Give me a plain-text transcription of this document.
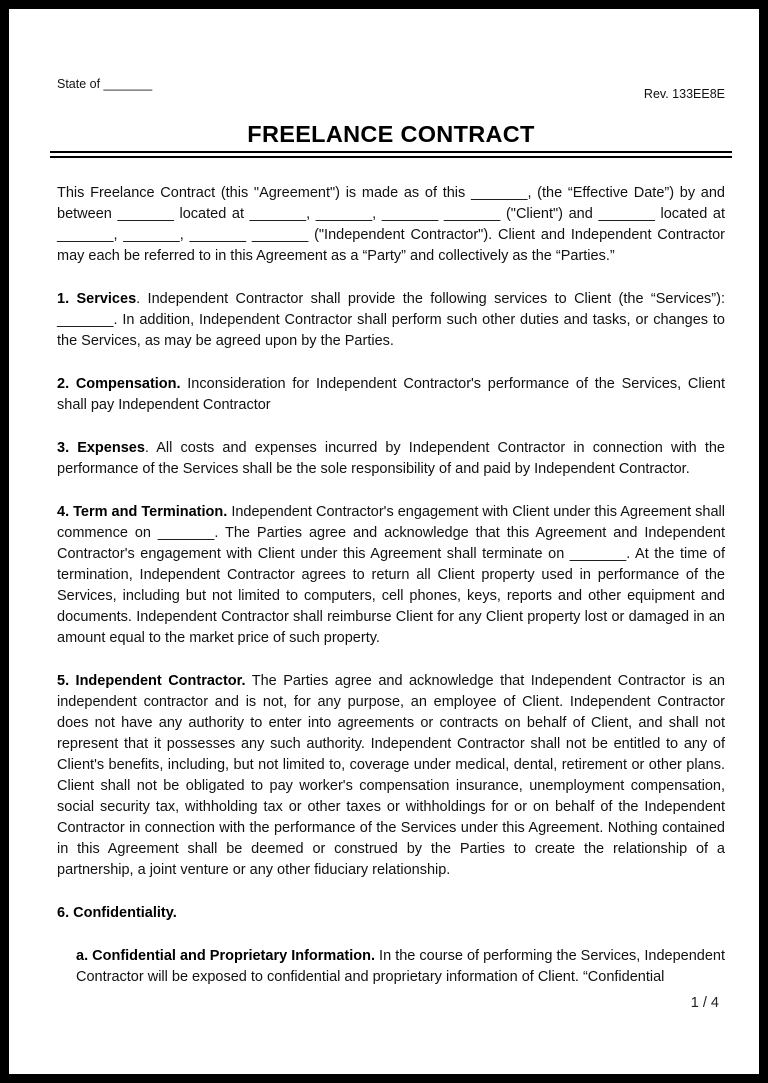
State of _______
Rev. 133EE8E
FREELANCE CONTRACT

This Freelance Contract (this "Agreement") is made as of this _______, (the “Effective Date”) by and between _______ located at _______, _______, _______ _______ ("Client") and _______ located at _______, _______, _______ _______ ("Independent Contractor"). Client and Independent Contractor may each be referred to in this Agreement as a “Party” and collectively as the “Parties.”

1. Services. Independent Contractor shall provide the following services to Client (the “Services”): _______. In addition, Independent Contractor shall perform such other duties and tasks, or changes to the Services, as may be agreed upon by the Parties.

2. Compensation. Inconsideration for Independent Contractor's performance of the Services, Client shall pay Independent Contractor

3. Expenses. All costs and expenses incurred by Independent Contractor in connection with the performance of the Services shall be the sole responsibility of and paid by Independent Contractor.

4. Term and Termination. Independent Contractor's engagement with Client under this Agreement shall commence on _______. The Parties agree and acknowledge that this Agreement and Independent Contractor's engagement with Client under this Agreement shall terminate on _______. At the time of termination, Independent Contractor agrees to return all Client property used in performance of the Services, including but not limited to computers, cell phones, keys, reports and other equipment and documents. Independent Contractor shall reimburse Client for any Client property lost or damaged in an amount equal to the market price of such property.

5. Independent Contractor. The Parties agree and acknowledge that Independent Contractor is an independent contractor and is not, for any purpose, an employee of Client. Independent Contractor does not have any authority to enter into agreements or contracts on behalf of Client, and shall not represent that it possesses any such authority. Independent Contractor shall not be entitled to any of Client's benefits, including, but not limited to, coverage under medical, dental, retirement or other plans. Client shall not be obligated to pay worker's compensation insurance, unemployment compensation, social security tax, withholding tax or other taxes or withholdings for or on behalf of the Independent Contractor in connection with the performance of the Services under this Agreement. Nothing contained in this Agreement shall be deemed or construed by the Parties to create the relationship of a partnership, a joint venture or any other fiduciary relationship.

6. Confidentiality.

a. Confidential and Proprietary Information. In the course of performing the Services, Independent Contractor will be exposed to confidential and proprietary information of Client. “Confidential

1 / 4
